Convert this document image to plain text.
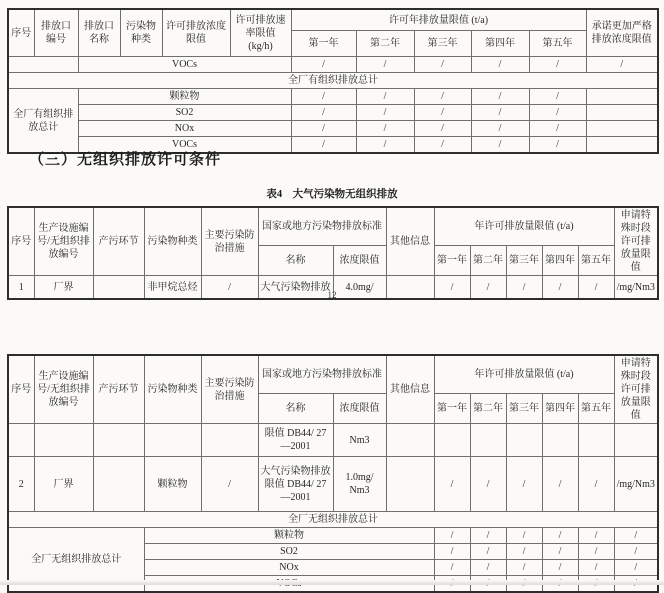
序号	排放口编号	排放口名称	污染物种类	许可排放浓度限值	许可排放速率限值 (kg/h)	许可年排放量限值 (t/a)					承诺更加严格排放浓度限值
						第一年	第二年	第三年	第四年	第五年	
		VOCs				/	/	/	/	/	/
全厂有组织排放总计											
全厂有组织排放总计		颗粒物				/	/	/	/	/	
		SO2				/	/	/	/	/	
		NOx				/	/	/	/	/	
		VOCs				/	/	/	/	/	
（三）无组织排放许可条件
表4　大气污染物无组织排放
序号	生产设施编号/无组织排放编号	产污环节	污染物种类	主要污染防治措施	国家或地方污染物排放标准		其他信息	年许可排放量限值 (t/a)					申请特殊时段许可排放量限值
					名称	浓度限值		第一年	第二年	第三年	第四年	第五年	
1	厂界		非甲烷总烃	/	大气污染物排放	4.0mg/		/	/	/	/	/	/mg/Nm3
12
序号	生产设施编号/无组织排放编号	产污环节	污染物种类	主要污染防治措施	国家或地方污染物排放标准		其他信息	年许可排放量限值 (t/a)					申请特殊时段许可排放量限值
					名称	浓度限值		第一年	第二年	第三年	第四年	第五年	
					限值 DB44/ 27—2001	Nm3							
2	厂界		颗粒物	/	大气污染物排放限值 DB44/ 27—2001	1.0mg/ Nm3		/	/	/	/	/	/mg/Nm3
全厂无组织排放总计													
全厂无组织排放总计			颗粒物					/	/	/	/	/	/
			SO2					/	/	/	/	/	/
			NOx					/	/	/	/	/	/
